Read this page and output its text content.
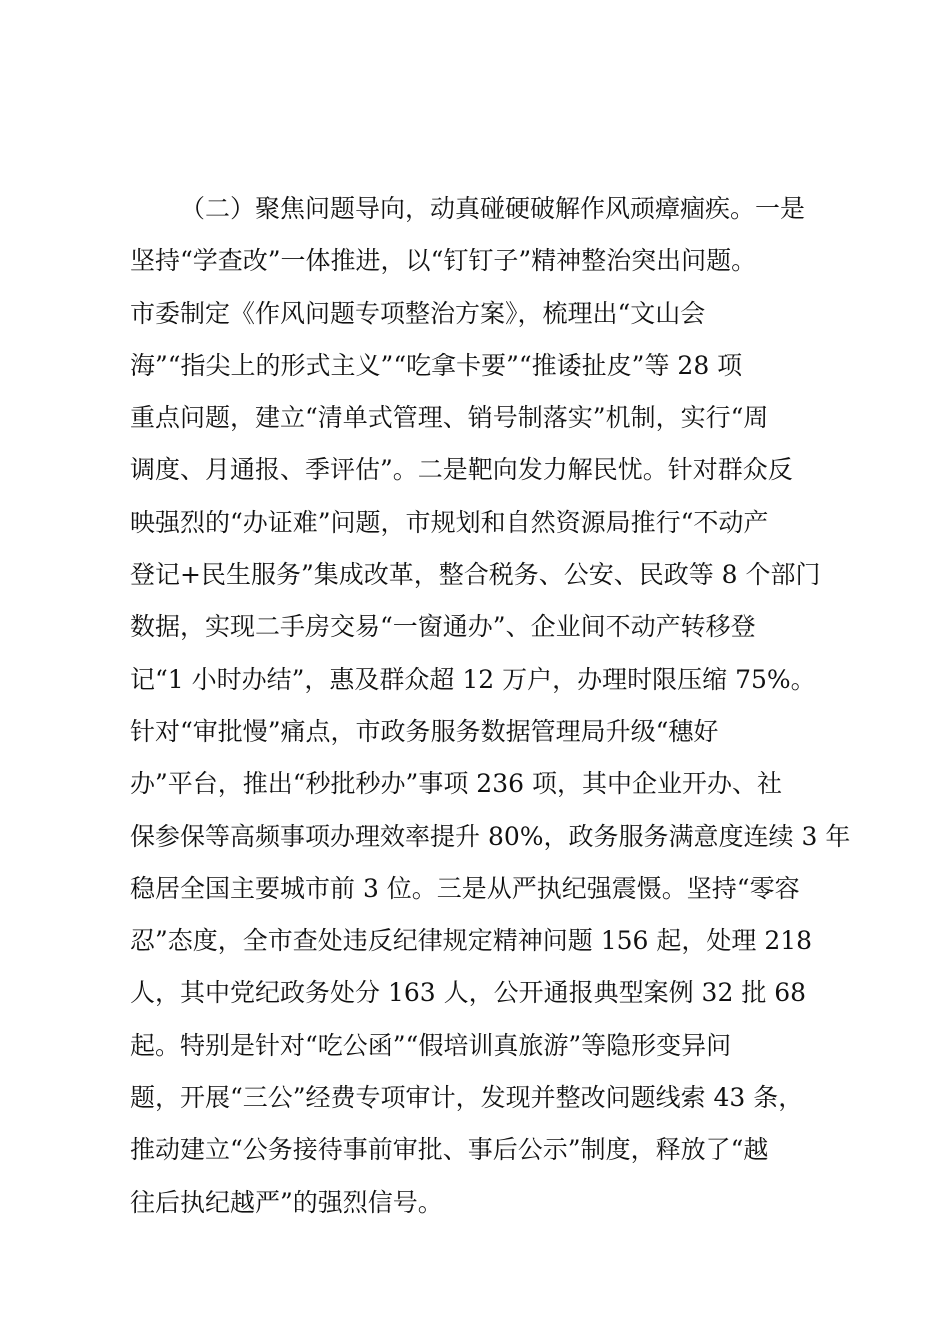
（二）聚焦问题导向，动真碰硬破解作风顽瘴痼疾。一是
坚持“学查改”一体推进，以“钉钉子”精神整治突出问题。
市委制定《作风问题专项整治方案》，梳理出“文山会
海”“指尖上的形式主义”“吃拿卡要”“推诿扯皮”等 28 项
重点问题，建立“清单式管理、销号制落实”机制，实行“周
调度、月通报、季评估”。二是靶向发力解民忧。针对群众反
映强烈的“办证难”问题，市规划和自然资源局推行“不动产
登记+民生服务”集成改革，整合税务、公安、民政等 8 个部门
数据，实现二手房交易“一窗通办”、企业间不动产转移登
记“1 小时办结”，惠及群众超 12 万户，办理时限压缩 75%。
针对“审批慢”痛点，市政务服务数据管理局升级“穗好
办”平台，推出“秒批秒办”事项 236 项，其中企业开办、社
保参保等高频事项办理效率提升 80%，政务服务满意度连续 3 年
稳居全国主要城市前 3 位。三是从严执纪强震慑。坚持“零容
忍”态度，全市查处违反纪律规定精神问题 156 起，处理 218
人，其中党纪政务处分 163 人，公开通报典型案例 32 批 68
起。特别是针对“吃公函”“假培训真旅游”等隐形变异问
题，开展“三公”经费专项审计，发现并整改问题线索 43 条，
推动建立“公务接待事前审批、事后公示”制度，释放了“越
往后执纪越严”的强烈信号。
